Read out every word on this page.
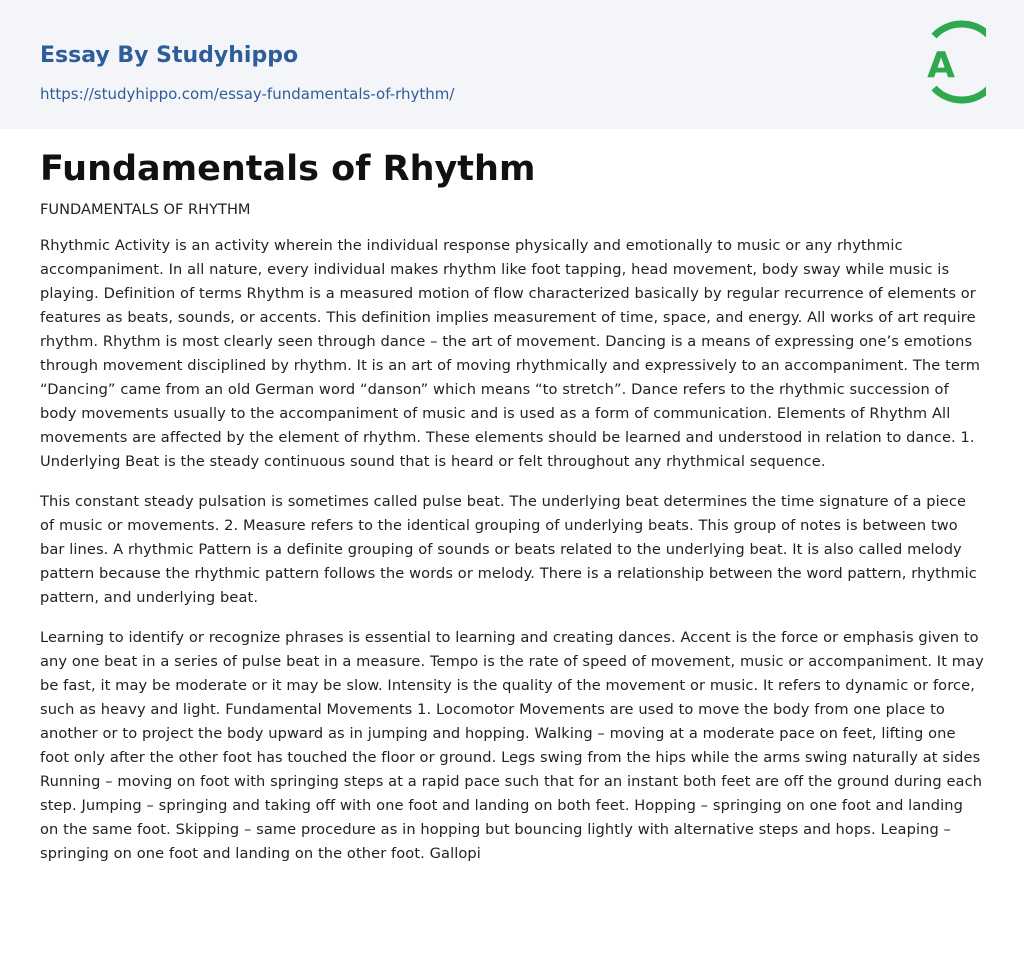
Essay By Studyhippo
https://studyhippo.com/essay-fundamentals-of-rhythm/
A
Fundamentals of Rhythm

FUNDAMENTALS OF RHYTHM

Rhythmic Activity is an activity wherein the individual response physically and emotionally to music or any rhythmic accompaniment. In all nature, every individual makes rhythm like foot tapping, head movement, body sway while music is playing. Definition of terms Rhythm is a measured motion of flow characterized basically by regular recurrence of elements or features as beats, sounds, or accents. This definition implies measurement of time, space, and energy. All works of art require rhythm. Rhythm is most clearly seen through dance – the art of movement. Dancing is a means of expressing one’s emotions through movement disciplined by rhythm. It is an art of moving rhythmically and expressively to an accompaniment. The term “Dancing” came from an old German word “danson” which means “to stretch”. Dance refers to the rhythmic succession of body movements usually to the accompaniment of music and is used as a form of communication. Elements of Rhythm All movements are affected by the element of rhythm. These elements should be learned and understood in relation to dance. 1. Underlying Beat is the steady continuous sound that is heard or felt throughout any rhythmical sequence.

This constant steady pulsation is sometimes called pulse beat. The underlying beat determines the time signature of a piece of music or movements. 2. Measure refers to the identical grouping of underlying beats. This group of notes is between two bar lines. A rhythmic Pattern is a definite grouping of sounds or beats related to the underlying beat. It is also called melody pattern because the rhythmic pattern follows the words or melody. There is a relationship between the word pattern, rhythmic pattern, and underlying beat.

Learning to identify or recognize phrases is essential to learning and creating dances. Accent is the force or emphasis given to any one beat in a series of pulse beat in a measure. Tempo is the rate of speed of movement, music or accompaniment. It may be fast, it may be moderate or it may be slow. Intensity is the quality of the movement or music. It refers to dynamic or force, such as heavy and light. Fundamental Movements 1. Locomotor Movements are used to move the body from one place to another or to project the body upward as in jumping and hopping. Walking – moving at a moderate pace on feet, lifting one foot only after the other foot has touched the floor or ground. Legs swing from the hips while the arms swing naturally at sides Running – moving on foot with springing steps at a rapid pace such that for an instant both feet are off the ground during each step. Jumping – springing and taking off with one foot and landing on both feet. Hopping – springing on one foot and landing on the same foot. Skipping – same procedure as in hopping but bouncing lightly with alternative steps and hops. Leaping – springing on one foot and landing on the other foot. Gallopi
